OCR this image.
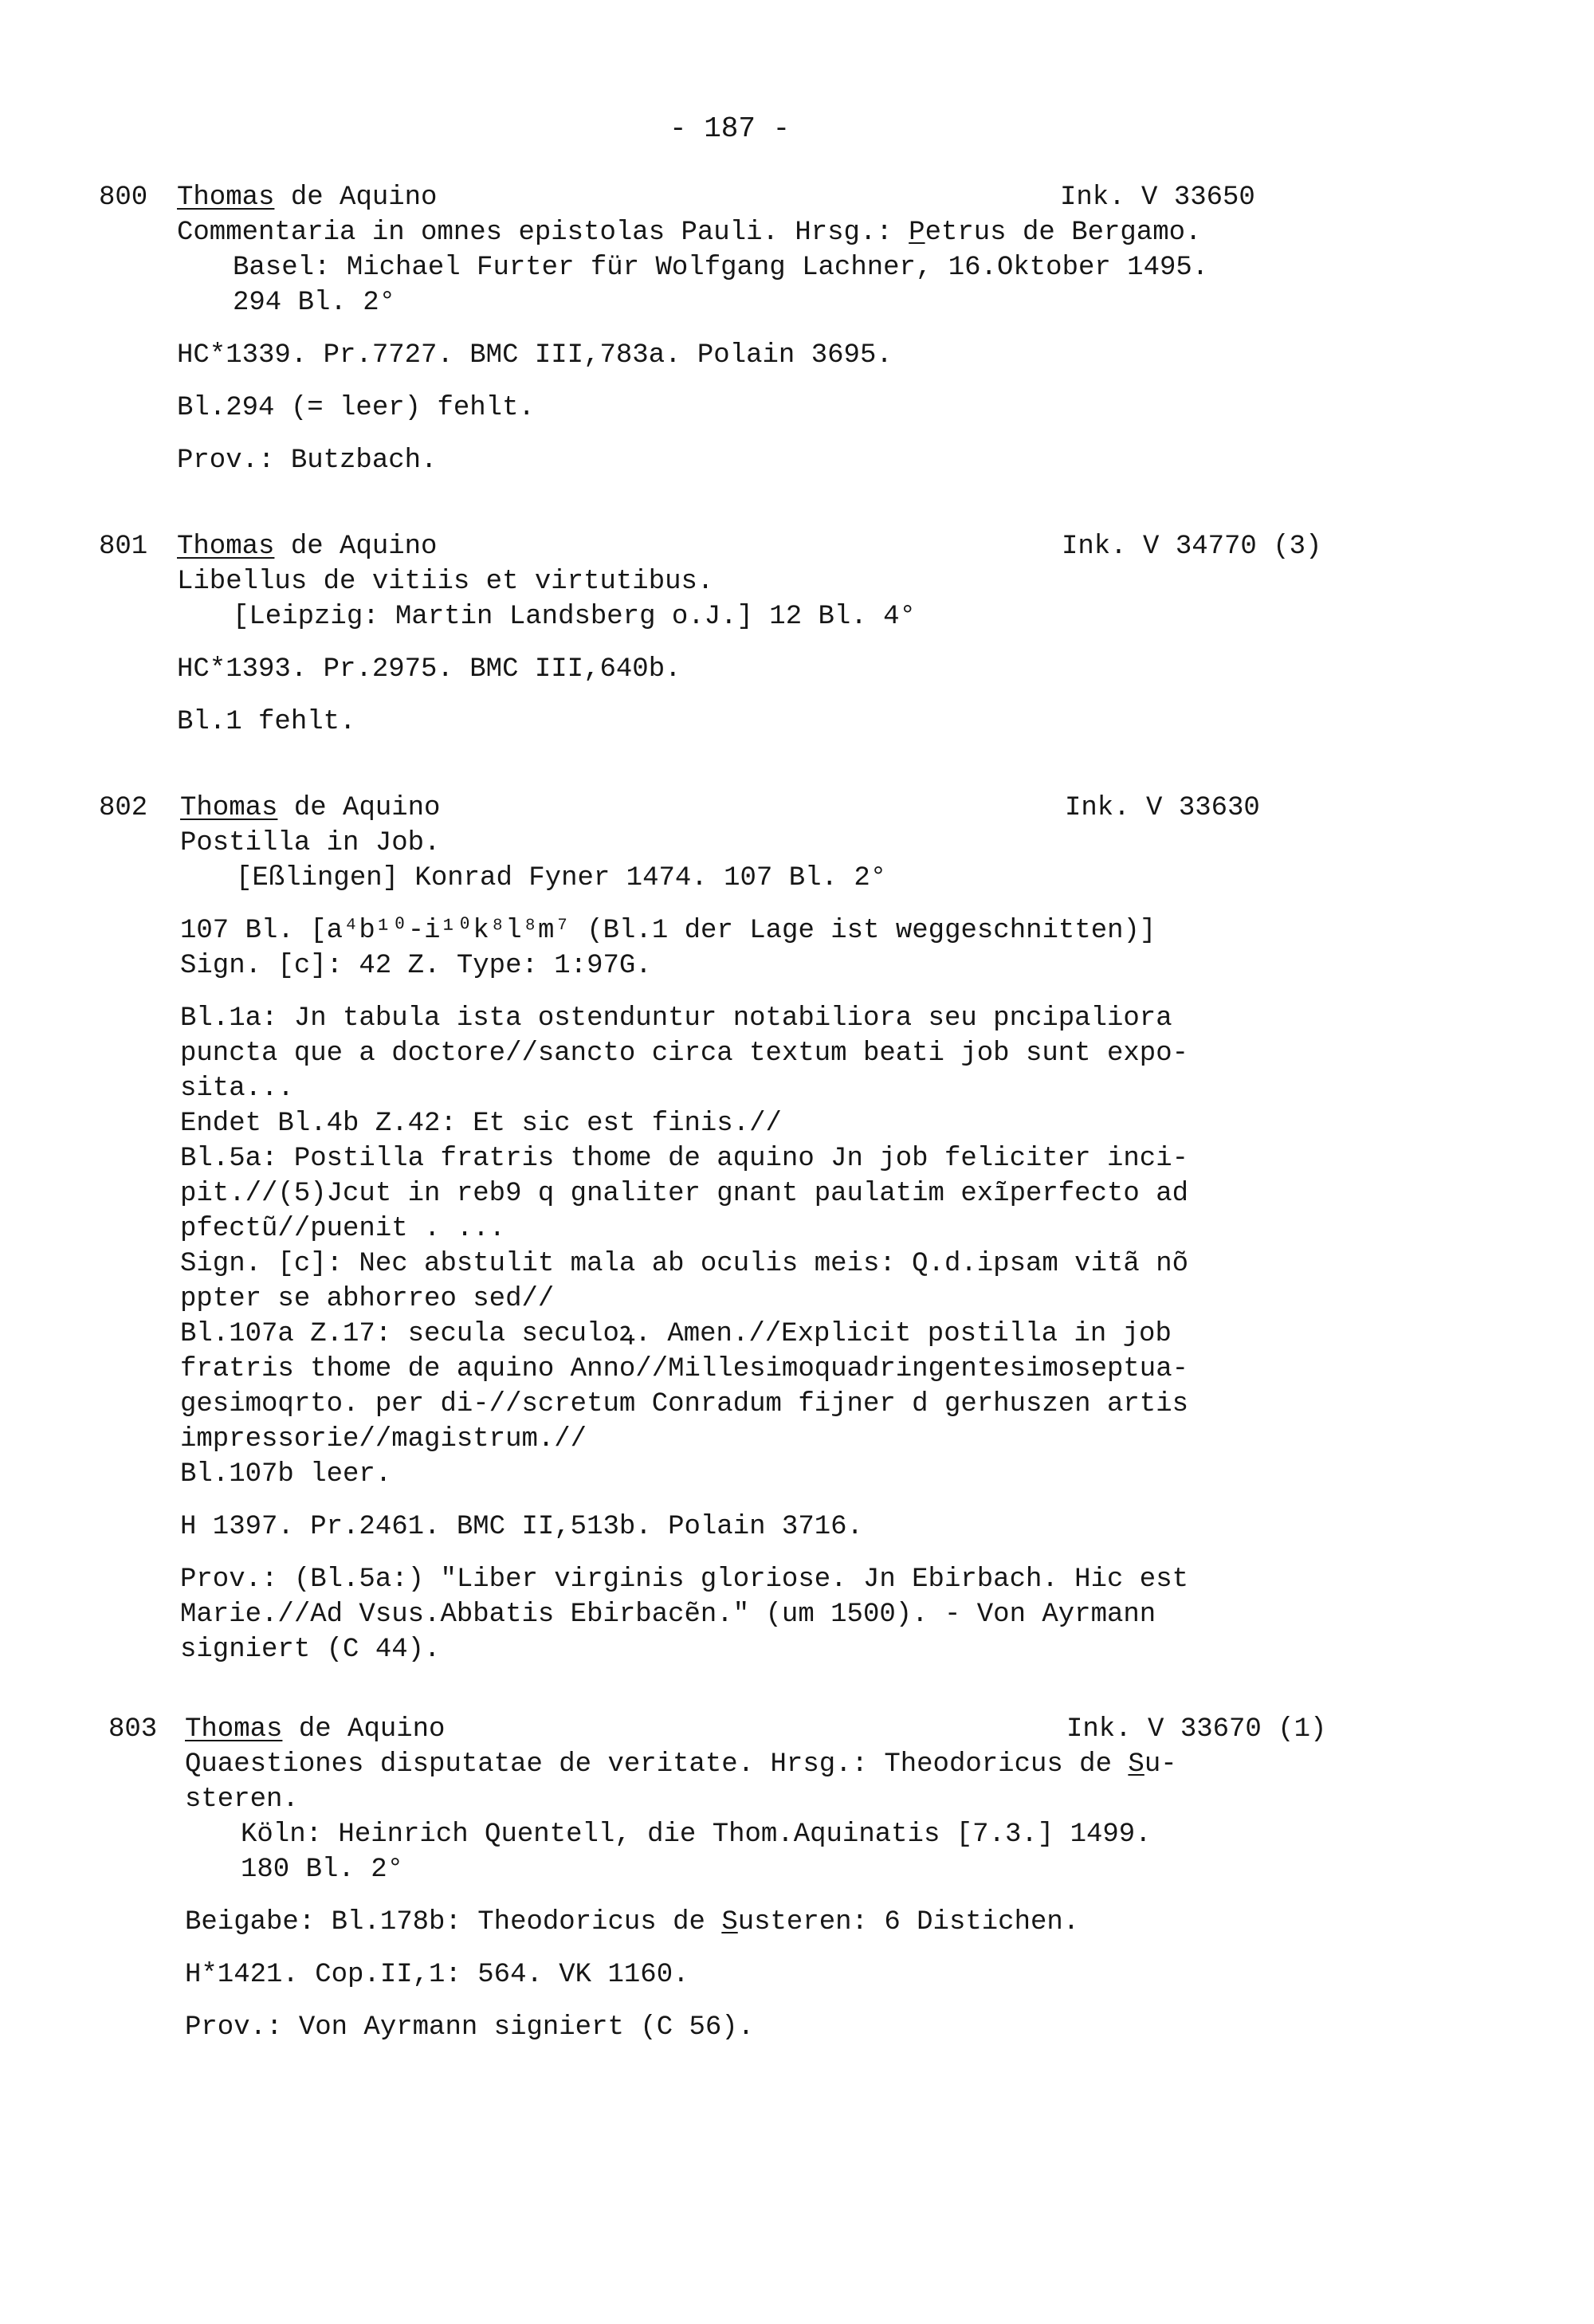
- 187 -
800	Ink. V 33650
Thomas de Aquino
Commentaria in omnes epistolas Pauli. Hrsg.: Petrus de Bergamo.
Basel: Michael Furter für Wolfgang Lachner, 16.Oktober 1495.
294 Bl. 2°
HC*1339. Pr.7727. BMC III,783a. Polain 3695.
Bl.294 (= leer) fehlt.
Prov.: Butzbach.
801	Ink. V 34770 (3)
Thomas de Aquino
Libellus de vitiis et virtutibus.
[Leipzig: Martin Landsberg o.J.] 12 Bl. 4°
HC*1393. Pr.2975. BMC III,640b.
Bl.1 fehlt.
802	Ink. V 33630
Thomas de Aquino
Postilla in Job.
[Eßlingen] Konrad Fyner 1474. 107 Bl. 2°
107 Bl. [a⁴b¹⁰-i¹⁰k⁸l⁸m⁷ (Bl.1 der Lage ist weggeschnitten)]
Sign. [c]: 42 Z. Type: 1:97G.
Bl.1a: Jn tabula ista ostenduntur notabiliora seu pncipaliora
puncta que a doctore//sancto circa textum beati job sunt expo-
sita...
Endet Bl.4b Z.42: Et sic est finis.//
Bl.5a: Postilla fratris thome de aquino Jn job feliciter inci-
pit.//(5)Jcut in reb9 q gnaliter gnant paulatim exĩperfecto ad
pfectũ//puenit . ...
Sign. [c]: Nec abstulit mala ab oculis meis: Q.d.ipsam vitã nõ
ppter se abhorreo sed//
Bl.107a Z.17: secula seculoꝝ. Amen.//Explicit postilla in job
fratris thome de aquino Anno//Millesimoquadringentesimoseptua-
gesimoqrto. per di-//scretum Conradum fijner d gerhuszen artis
impressorie//magistrum.//
Bl.107b leer.
H 1397. Pr.2461. BMC II,513b. Polain 3716.
Prov.: (Bl.5a:) "Liber virginis gloriose. Jn Ebirbach. Hic est
Marie.//Ad Vsus.Abbatis Ebirbacẽn." (um 1500). - Von Ayrmann
signiert (C 44).
803	Ink. V 33670 (1)
Thomas de Aquino
Quaestiones disputatae de veritate. Hrsg.: Theodoricus de Su-
steren.
Köln: Heinrich Quentell, die Thom.Aquinatis [7.3.] 1499.
180 Bl. 2°
Beigabe: Bl.178b: Theodoricus de Susteren: 6 Distichen.
H*1421. Cop.II,1: 564. VK 1160.
Prov.: Von Ayrmann signiert (C 56).
